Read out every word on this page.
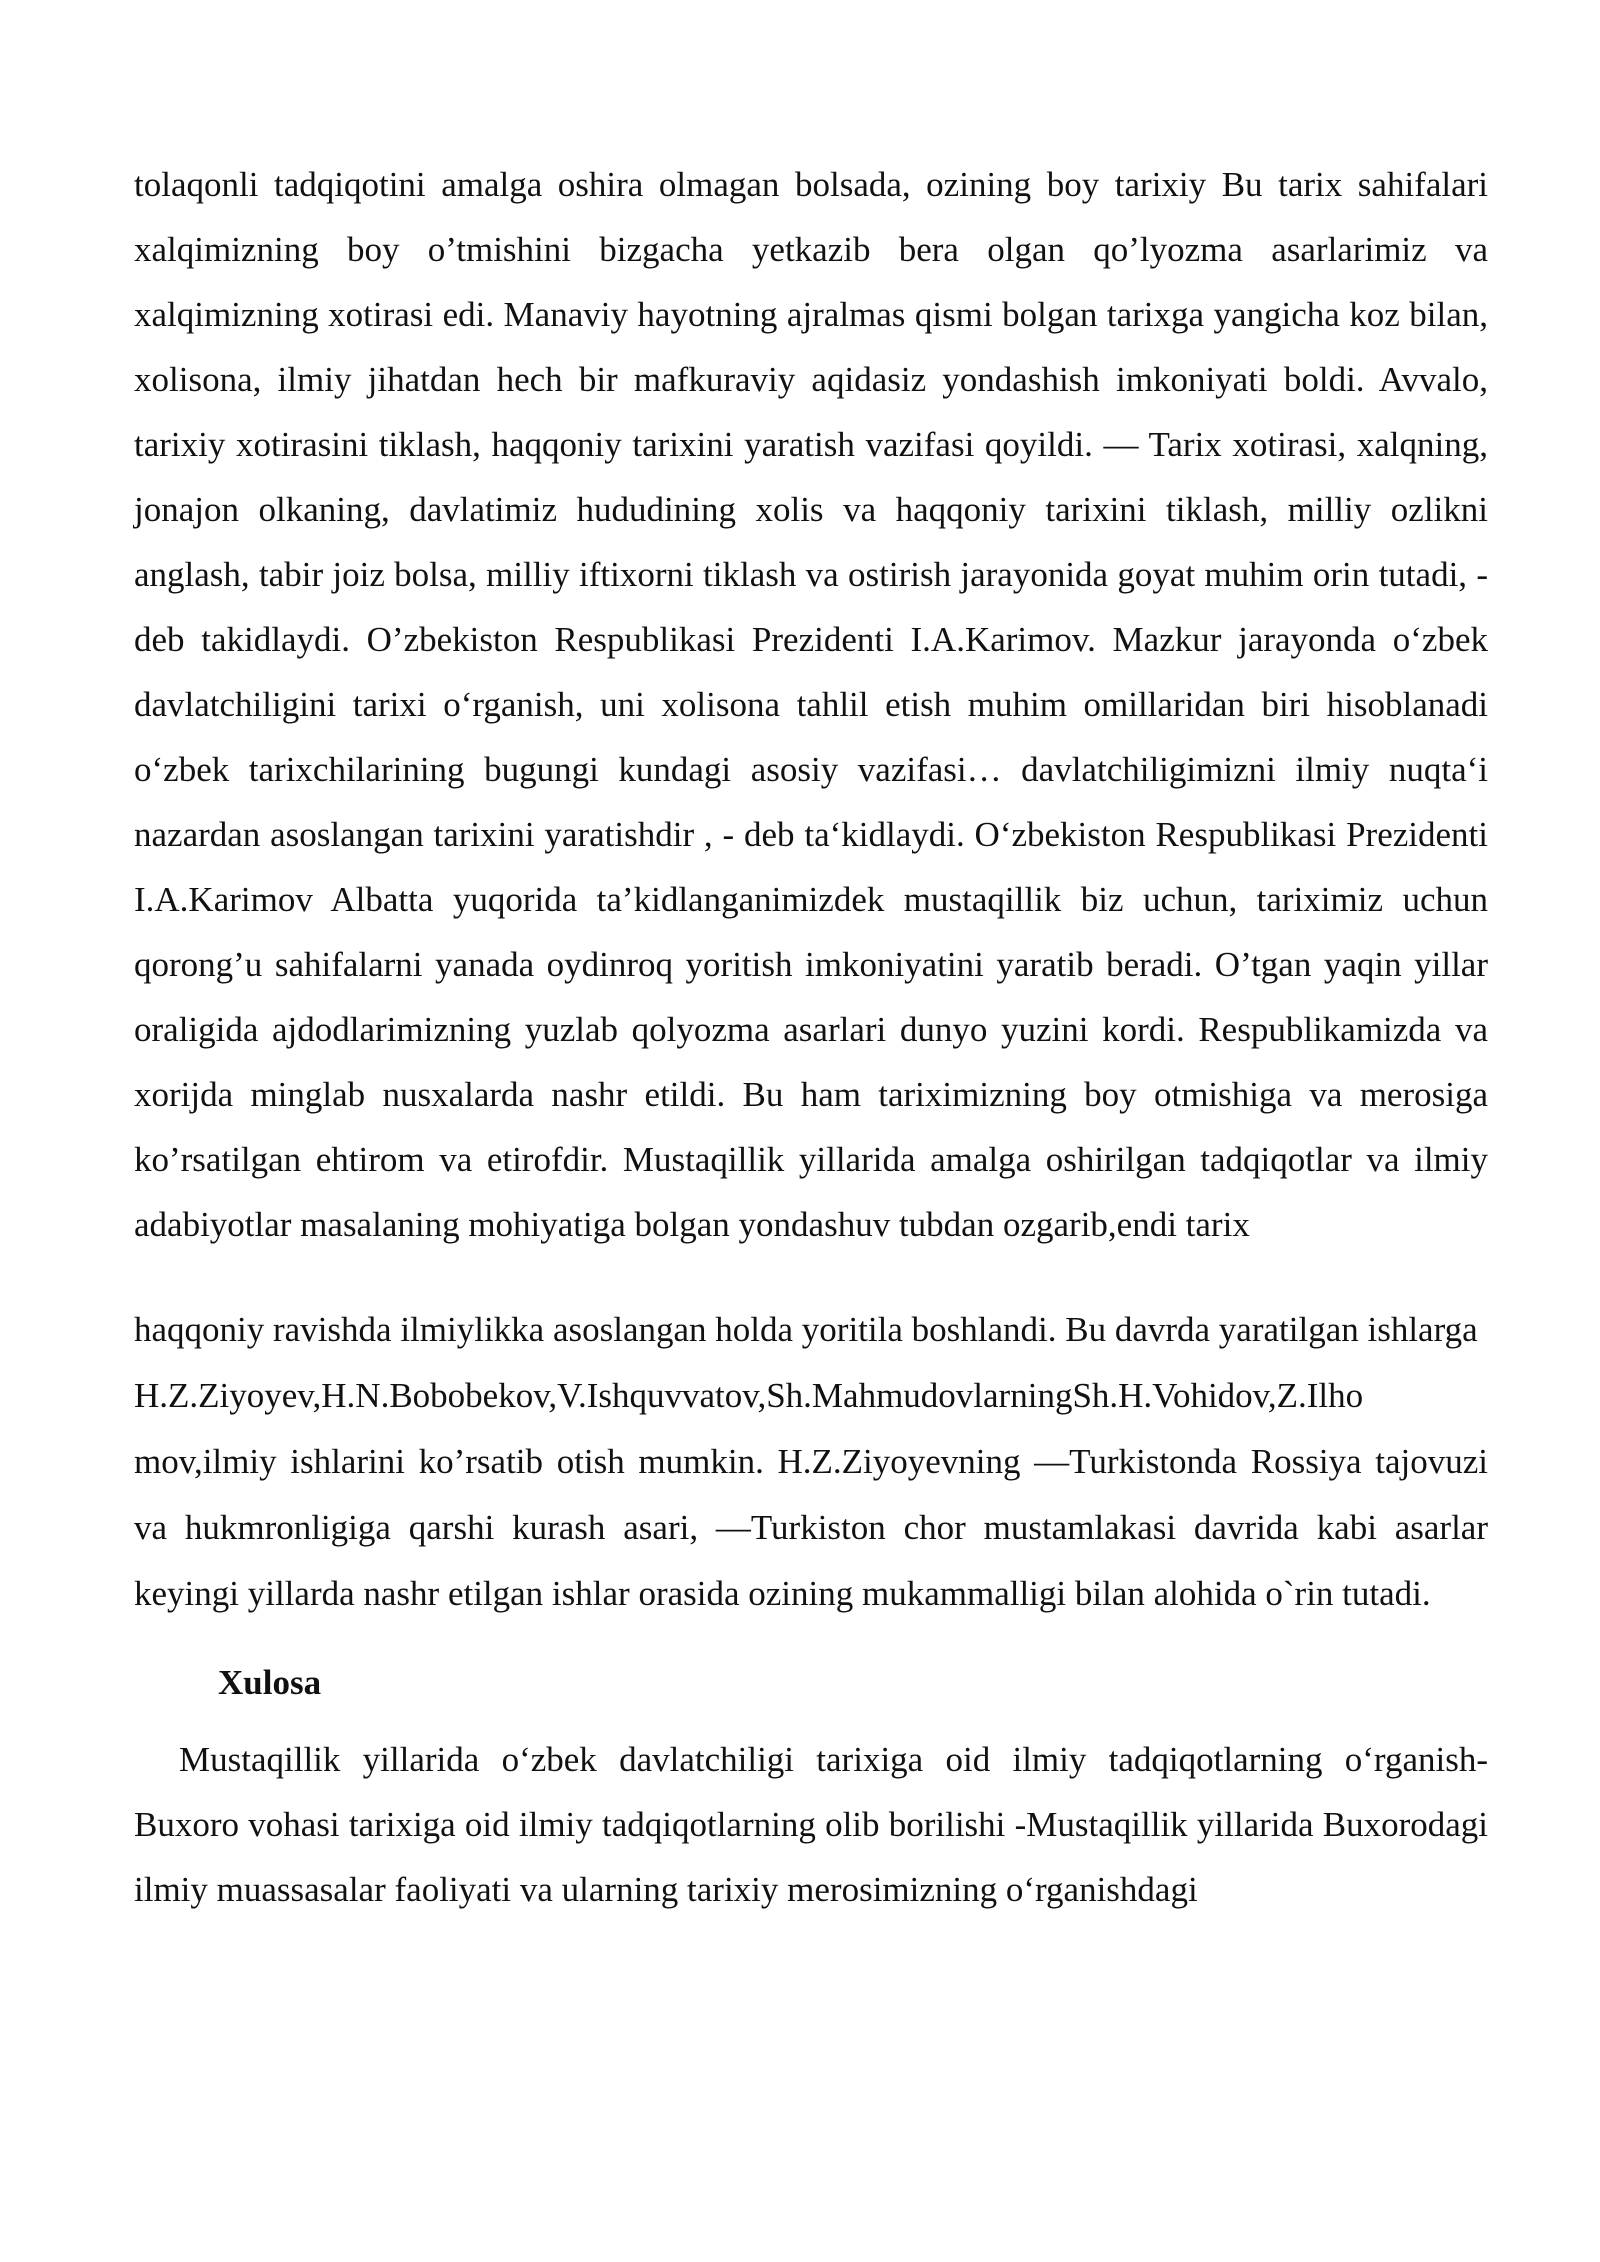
tolaqonli tadqiqotini amalga oshira olmagan bolsada, ozining boy tarixiy Bu tarix sahifalari xalqimizning boy o’tmishini bizgacha yetkazib bera olgan qo’lyozma asarlarimiz va xalqimizning xotirasi edi. Manaviy hayotning ajralmas qismi bolgan tarixga yangicha koz bilan, xolisona, ilmiy jihatdan hech bir mafkuraviy aqidasiz yondashish imkoniyati boldi. Avvalo, tarixiy xotirasini tiklash, haqqoniy tarixini yaratish vazifasi qoyildi. — Tarix xotirasi, xalqning, jonajon olkaning, davlatimiz hududining xolis va haqqoniy tarixini tiklash, milliy ozlikni anglash, tabir joiz bolsa, milliy iftixorni tiklash va ostirish jarayonida goyat muhim orin tutadi, - deb takidlaydi. O’zbekiston Respublikasi Prezidenti I.A.Karimov. Mazkur jarayonda o‘zbek davlatchiligini tarixi o‘rganish, uni xolisona tahlil etish muhim omillaridan biri hisoblanadi o‘zbek tarixchilarining bugungi kundagi asosiy vazifasi… davlatchiligimizni ilmiy nuqta‘i nazardan asoslangan tarixini yaratishdir , - deb ta‘kidlaydi. O‘zbekiston Respublikasi Prezidenti I.A.Karimov Albatta yuqorida ta’kidlanganimizdek mustaqillik biz uchun, tariximiz uchun qorong’u sahifalarni yanada oydinroq yoritish imkoniyatini yaratib beradi. O’tgan yaqin yillar oraligida ajdodlarimizning yuzlab qolyozma asarlari dunyo yuzini kordi. Respublikamizda va xorijda minglab nusxalarda nashr etildi. Bu ham tariximizning boy otmishiga va merosiga ko’rsatilgan ehtirom va etirofdir. Mustaqillik yillarida amalga oshirilgan tadqiqotlar va ilmiy adabiyotlar masalaning mohiyatiga bolgan yondashuv tubdan ozgarib,endi tarix

haqqoniy ravishda ilmiylikka asoslangan holda yoritila boshlandi. Bu davrda yaratilgan ishlarga
H.Z.Ziyoyev,H.N.Bobobekov,V.Ishquvvatov,Sh.MahmudovlarningSh.H.Vohidov,Z.Ilho
mov,ilmiy ishlarini ko’rsatib otish mumkin. H.Z.Ziyoyevning —Turkistonda Rossiya tajovuzi va hukmronligiga qarshi kurash asari, —Turkiston chor mustamlakasi davrida kabi asarlar keyingi yillarda nashr etilgan ishlar orasida ozining mukammalligi bilan alohida o`rin tutadi.

Xulosa

Mustaqillik yillarida o‘zbek davlatchiligi tarixiga oid ilmiy tadqiqotlarning o‘rganish- Buxoro vohasi tarixiga oid ilmiy tadqiqotlarning olib borilishi -Mustaqillik yillarida Buxorodagi ilmiy muassasalar faoliyati va ularning tarixiy merosimizning o‘rganishdagi
